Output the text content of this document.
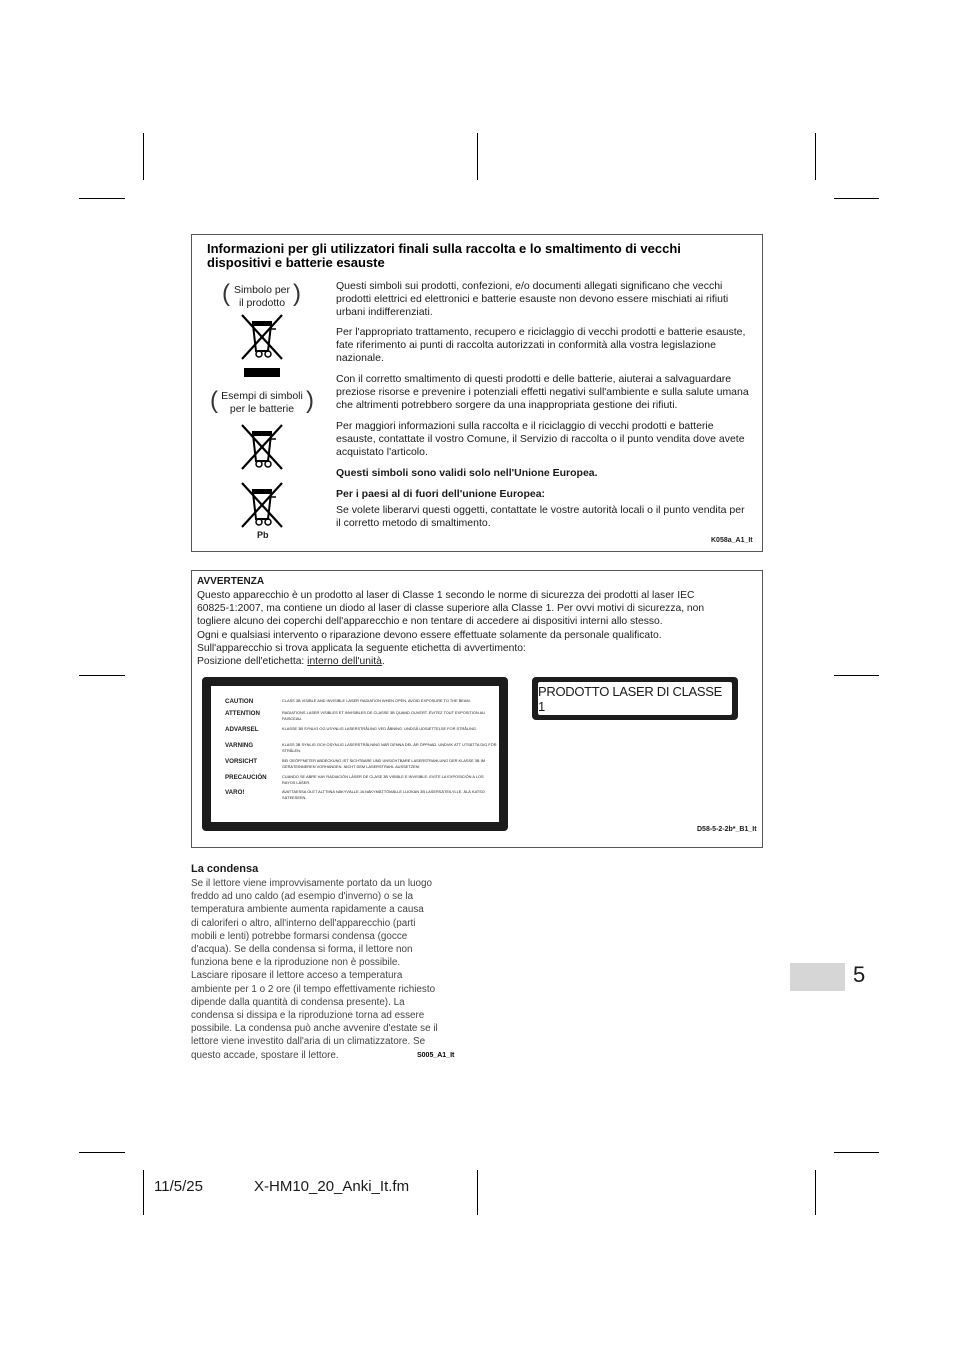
Informazioni per gli utilizzatori finali sulla raccolta e lo smaltimento di vecchi dispositivi e batterie esauste
( Simbolo per
il prodotto )
( Esempi di simboli
per le batterie )
Pb
Questi simboli sui prodotti, confezioni, e/o documenti allegati significano che vecchi prodotti elettrici ed elettronici e batterie esauste non devono essere mischiati ai rifiuti urbani indifferenziati.
Per l'appropriato trattamento, recupero e riciclaggio di vecchi prodotti e batterie esauste, fate riferimento ai punti di raccolta autorizzati in conformità alla vostra legislazione nazionale.
Con il corretto smaltimento di questi prodotti e delle batterie, aiuterai a salvaguardare preziose risorse e prevenire i potenziali effetti negativi sull'ambiente e sulla salute umana che altrimenti potrebbero sorgere da una inappropriata gestione dei rifiuti.
Per maggiori informazioni sulla raccolta e il riciclaggio di vecchi prodotti e batterie esauste, contattate il vostro Comune, il Servizio di raccolta o il punto vendita dove avete acquistato l'articolo.
Questi simboli sono validi solo nell'Unione Europea.
Per i paesi al di fuori dell'unione Europea:
Se volete liberarvi questi oggetti, contattate le vostre autorità locali o il punto vendita per il corretto metodo di smaltimento.
K058a_A1_It
AVVERTENZA
Questo apparecchio è un prodotto al laser di Classe 1 secondo le norme di sicurezza dei prodotti al laser IEC
60825-1:2007, ma contiene un diodo al laser di classe superiore alla Classe 1. Per ovvi motivi di sicurezza, non
togliere alcuno dei coperchi dell'apparecchio e non tentare di accedere ai dispositivi interni allo stesso.
Ogni e qualsiasi intervento o riparazione devono essere effettuate solamente da personale qualificato.
Sull'apparecchio si trova applicata la seguente etichetta di avvertimento:
Posizione dell'etichetta: interno dell'unità.
CAUTION	CLASS 3B VISIBLE AND INVISIBLE LASER RADIATION WHEN OPEN, AVOID EXPOSURE TO THE BEAM.
ATTENTION	RADIATIONS LASER VISIBLES ET INVISIBLES DE CLASSE 3B QUAND OUVERT. ÉVITEZ TOUT EXPOSITION AU FAISCEAU.
ADVARSEL	KLASSE 3B SYNLIG OG USYNLIG LASERSTRÅLING VED ÅBNING. UNDGÅ UDSÆTTELSE FOR STRÅLING.
VARNING	KLASS 3B SYNLIG OCH OSYNLIG LASERSTRÅLNING NÄR DENNA DEL ÄR ÖPPNAD. UNDVIK ATT UTSÄTTA DIG FÖR STRÅLEN.
VORSICHT	BEI GEÖFFNETER ABDECKUNG IST SICHTBARE UND UNSICHTBARE LASERSTRAHLUNG DER KLASSE 3B IM GERÄTEINNEREN VORHANDEN. NICHT DEM LASERSTRAHL AUSSETZEN!
PRECAUCIÓN	CUANDO SE ABRE HAY RADIACIÓN LÁSER DE CLASE 3B VISIBLE E INVISIBLE. EVITE LA EXPOSICIÓN A LOS RAYOS LÁSER.
VARO!	AVATTAESSA OLET ALTTIINA NÄKYVÄLLE JA NÄKYMÄTTÖMÄLLE LUOKAN 3B LASERSÄTEILYLLE. ÄLÄ KATSO SÄTEESEEN.
PRODOTTO LASER DI CLASSE 1
D58-5-2-2b*_B1_It
La condensa
Se il lettore viene improvvisamente portato da un luogo
freddo ad uno caldo (ad esempio d'inverno) o se la
temperatura ambiente aumenta rapidamente a causa
di caloriferi o altro, all'interno dell'apparecchio (parti
mobili e lenti) potrebbe formarsi condensa (gocce
d'acqua). Se della condensa si forma, il lettore non
funziona bene e la riproduzione non è possibile.
Lasciare riposare il lettore acceso a temperatura
ambiente per 1 o 2 ore (il tempo effettivamente richiesto
dipende dalla quantità di condensa presente). La
condensa si dissipa e la riproduzione torna ad essere
possibile. La condensa può anche avvenire d'estate se il
lettore viene investito dall'aria di un climatizzatore. Se
questo accade, spostare il lettore.	S005_A1_It
5
11/5/25	X-HM10_20_Anki_It.fm
